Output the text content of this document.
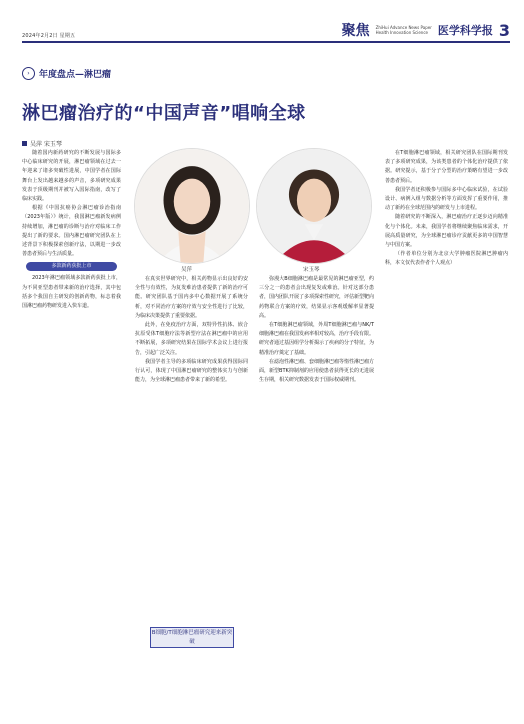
2024年2月2日 星期五	聚焦 ZhiHui Advance News Paper
Health Innovation Science 医学科学报 3
›	年度盘点—淋巴瘤
淋巴瘤治疗的“中国声音”唱响全球
吴萍 宋玉琴
吴萍	宋玉琴

随着国内新药研究的不断发展与国际多中心临床研究的开展，淋巴瘤领域在过去一年迎来了诸多突破性进展，中国学者在国际舞台上发出越来越多的声音，多项研究成果发表于顶级期刊并被写入国际指南，改写了临床实践。

根据《中国抗癌协会淋巴瘤诊治指南（2023年版）》统计，我国淋巴瘤新发病例持续增加，淋巴瘤的诊断与治疗对临床工作提出了新的要求。国内淋巴瘤研究团队在上述背景下积极探索创新疗法，以期进一步改善患者预后与生活质量。

多款新药获批上市

2023年淋巴瘤领域多款新药获批上市，为不同亚型患者带来新的治疗选择，其中包括多个我国自主研发的创新药物，标志着我国淋巴瘤药物研发进入快车道。

在真实世界研究中，相关药物显示出良好的安全性与有效性，为复发难治患者提供了新的治疗可能。研究团队基于国内多中心数据开展了系统分析，对不同治疗方案的疗效与安全性进行了比较，为临床决策提供了重要依据。

此外，在免疫治疗方面，双特异性抗体、嵌合抗原受体T细胞疗法等新型疗法在淋巴瘤中的应用不断拓展，多项研究结果在国际学术会议上进行报告，引起广泛关注。

我国学者主导的多项临床研究成果获得国际同行认可，体现了中国淋巴瘤研究的整体实力与创新能力，为全球淋巴瘤患者带来了新的希望。

B细胞/T细胞淋巴瘤研究迎来新突破

弥漫大B细胞淋巴瘤是最常见的淋巴瘤亚型，约三分之一的患者会出现复发或难治。针对这部分患者，国内团队开展了多项探索性研究，评估新型靶向药物联合方案的疗效，结果显示客观缓解率显著提高。

在T细胞淋巴瘤领域，外周T细胞淋巴瘤与NK/T细胞淋巴瘤在我国发病率相对较高，治疗手段有限。研究者通过基因组学分析揭示了疾病的分子特征，为精准治疗奠定了基础。

在滤泡性淋巴瘤、套细胞淋巴瘤等惰性淋巴瘤方面，新型BTK抑制剂的应用使患者获得更长的无进展生存期，相关研究数据发表于国际权威期刊。

在T细胞淋巴瘤领域，相关研究团队在国际期刊发表了多项研究成果，为该类患者的个体化治疗提供了依据。研究提示，基于分子分型的治疗策略有望进一步改善患者预后。

我国学者还积极参与国际多中心临床试验，在试验设计、病例入组与数据分析等方面发挥了重要作用，推动了新药在全球范围内的研发与上市进程。

随着研究的不断深入，淋巴瘤治疗正逐步迈向精准化与个体化。未来，我国学者将继续聚焦临床需求，开展高质量研究，为全球淋巴瘤诊疗贡献更多的中国智慧与中国方案。

（作者单位分别为北京大学肿瘤医院淋巴肿瘤内科，本文仅代表作者个人观点）
